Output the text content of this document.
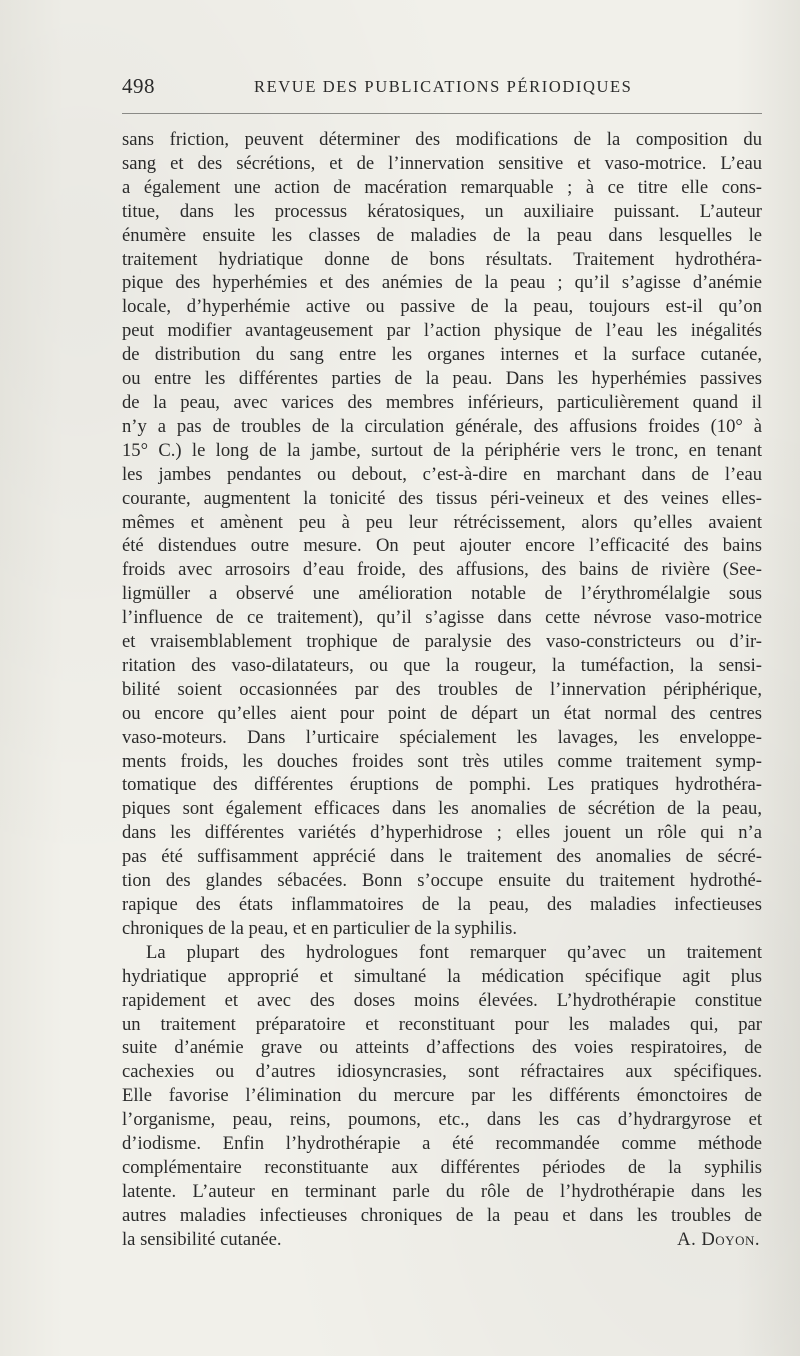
498	REVUE DES PUBLICATIONS PÉRIODIQUES

sans friction, peuvent déterminer des modifications de la composition du

sang et des sécrétions, et de l’innervation sensitive et vaso-motrice. L’eau

a également une action de macération remarquable ; à ce titre elle cons-

titue, dans les processus kératosiques, un auxiliaire puissant. L’auteur

énumère ensuite les classes de maladies de la peau dans lesquelles le

traitement hydriatique donne de bons résultats. Traitement hydrothéra-

pique des hyperhémies et des anémies de la peau ; qu’il s’agisse d’anémie

locale, d’hyperhémie active ou passive de la peau, toujours est-il qu’on

peut modifier avantageusement par l’action physique de l’eau les inégalités

de distribution du sang entre les organes internes et la surface cutanée,

ou entre les différentes parties de la peau. Dans les hyperhémies passives

de la peau, avec varices des membres inférieurs, particulièrement quand il

n’y a pas de troubles de la circulation générale, des affusions froides (10° à

15° C.) le long de la jambe, surtout de la périphérie vers le tronc, en tenant

les jambes pendantes ou debout, c’est-à-dire en marchant dans de l’eau

courante, augmentent la tonicité des tissus péri-veineux et des veines elles-

mêmes et amènent peu à peu leur rétrécissement, alors qu’elles avaient

été distendues outre mesure. On peut ajouter encore l’efficacité des bains

froids avec arrosoirs d’eau froide, des affusions, des bains de rivière (See-

ligmüller a observé une amélioration notable de l’érythromélalgie sous

l’influence de ce traitement), qu’il s’agisse dans cette névrose vaso-motrice

et vraisemblablement trophique de paralysie des vaso-constricteurs ou d’ir-

ritation des vaso-dilatateurs, ou que la rougeur, la tuméfaction, la sensi-

bilité soient occasionnées par des troubles de l’innervation périphérique,

ou encore qu’elles aient pour point de départ un état normal des centres

vaso-moteurs. Dans l’urticaire spécialement les lavages, les enveloppe-

ments froids, les douches froides sont très utiles comme traitement symp-

tomatique des différentes éruptions de pomphi. Les pratiques hydrothéra-

piques sont également efficaces dans les anomalies de sécrétion de la peau,

dans les différentes variétés d’hyperhidrose ; elles jouent un rôle qui n’a

pas été suffisamment apprécié dans le traitement des anomalies de sécré-

tion des glandes sébacées. Bonn s’occupe ensuite du traitement hydrothé-

rapique des états inflammatoires de la peau, des maladies infectieuses

chroniques de la peau, et en particulier de la syphilis.

La plupart des hydrologues font remarquer qu’avec un traitement

hydriatique approprié et simultané la médication spécifique agit plus

rapidement et avec des doses moins élevées. L’hydrothérapie constitue

un traitement préparatoire et reconstituant pour les malades qui, par

suite d’anémie grave ou atteints d’affections des voies respiratoires, de

cachexies ou d’autres idiosyncrasies, sont réfractaires aux spécifiques.

Elle favorise l’élimination du mercure par les différents émonctoires de

l’organisme, peau, reins, poumons, etc., dans les cas d’hydrargyrose et

d’iodisme. Enfin l’hydrothérapie a été recommandée comme méthode

complémentaire reconstituante aux différentes périodes de la syphilis

latente. L’auteur en terminant parle du rôle de l’hydrothérapie dans les

autres maladies infectieuses chroniques de la peau et dans les troubles de

la sensibilité cutanée.	A. Doyon.
